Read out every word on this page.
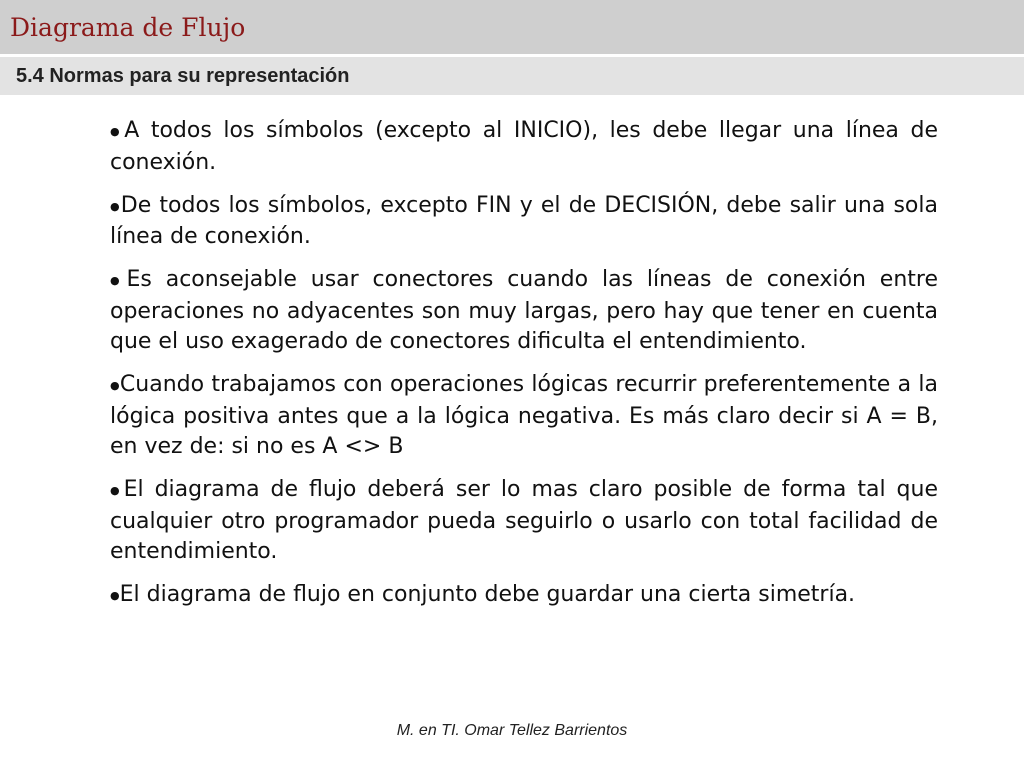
Diagrama de Flujo
5.4 Normas para su representación
●A todos los símbolos (excepto al INICIO), les debe llegar una línea de conexión.
●De todos los símbolos, excepto FIN y el de DECISIÓN, debe salir una sola línea de conexión.
●Es aconsejable usar conectores cuando las líneas de conexión entre operaciones no adyacentes son muy largas, pero hay que tener en cuenta que el uso exagerado de conectores dificulta el entendimiento.
●Cuando trabajamos con operaciones lógicas recurrir preferentemente a la lógica positiva antes que a la lógica negativa. Es más claro decir si A = B, en vez de: si no es A <> B
●El diagrama de flujo deberá ser lo mas claro posible de forma tal que cualquier otro programador pueda seguirlo o usarlo con total facilidad de entendimiento.
●El diagrama de flujo en conjunto debe guardar una cierta simetría.
M. en TI. Omar Tellez Barrientos
